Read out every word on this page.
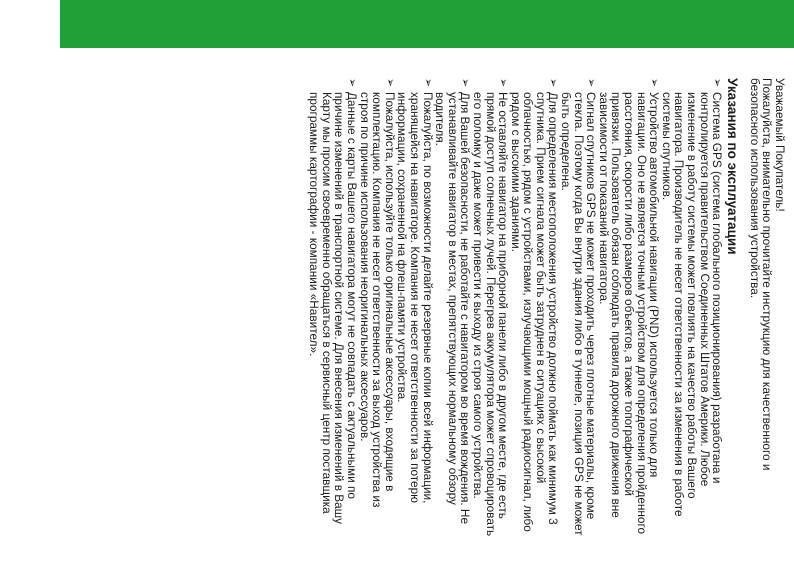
Уважаемый Покупатель!

Пожалуйста, внимательно прочитайте инструкцию для качественного и безопасного использования устройства.

Указания по эксплуатации
➢
Система GPS (система глобального позиционирования) разработана и контролируется правительством Соединенных Штатов Америки. Любое изменение в работу системы может повлиять на качество работы Вашего навигатора. Производитель не несет ответственности за изменения в работе системы спутников.
➢
Устройство автомобильной навигации (PND) используется только для навигации. Оно не является точным устройством для определения пройденного расстояния, скорости либо размеров объектов, а также топографической привязки. Пользователь обязан соблюдать правила дорожного движения вне зависимости от показаний навигатора.
➢
Сигнал спутников GPS не может проходить через плотные материалы, кроме стекла. Поэтому когда Вы внутри здания либо в туннеле, позиция GPS не может быть определена.
➢
Для определения местоположения устройство должно поймать как минимум 3 спутника. Прием сигнала может быть затруднен в ситуациях с высокой облачностью, рядом с устройствами, излучающими мощный радиосигнал, либо рядом с высокими зданиями.
➢
Не оставляйте навигатор на приборной панели либо в другом месте, где есть прямой доступ солнечных лучей. Перегрев аккумулятора может спровоцировать его поломку и даже может привести к выходу из строя самого устройства.
➢
Для Вашей безопасности, не работайте с навигатором во время вождения. Не устанавливайте навигатор в местах, препятствующих нормальному обзору водителя.
➢
Пожалуйста, по возможности делайте резервные копии всей информации, хранящейся на навигаторе. Компания не несет ответственности за потерю информации, сохраненной на флеш-памяти устройства.
➢
Пожалуйста, используйте только оригинальные аксессуары, входящие в комплектацию. Компания не несет ответственности за выход устройства из строя по причине использования неоригинальных аксессуаров.
➢
Данные с карты Вашего навигатора могут не совпадать с актуальными по причине изменений в транспортной системе. Для внесения изменений в Вашу Карту мы просим своевременно обращаться в сервисный центр поставщика программы картографии - компании «Навител».
